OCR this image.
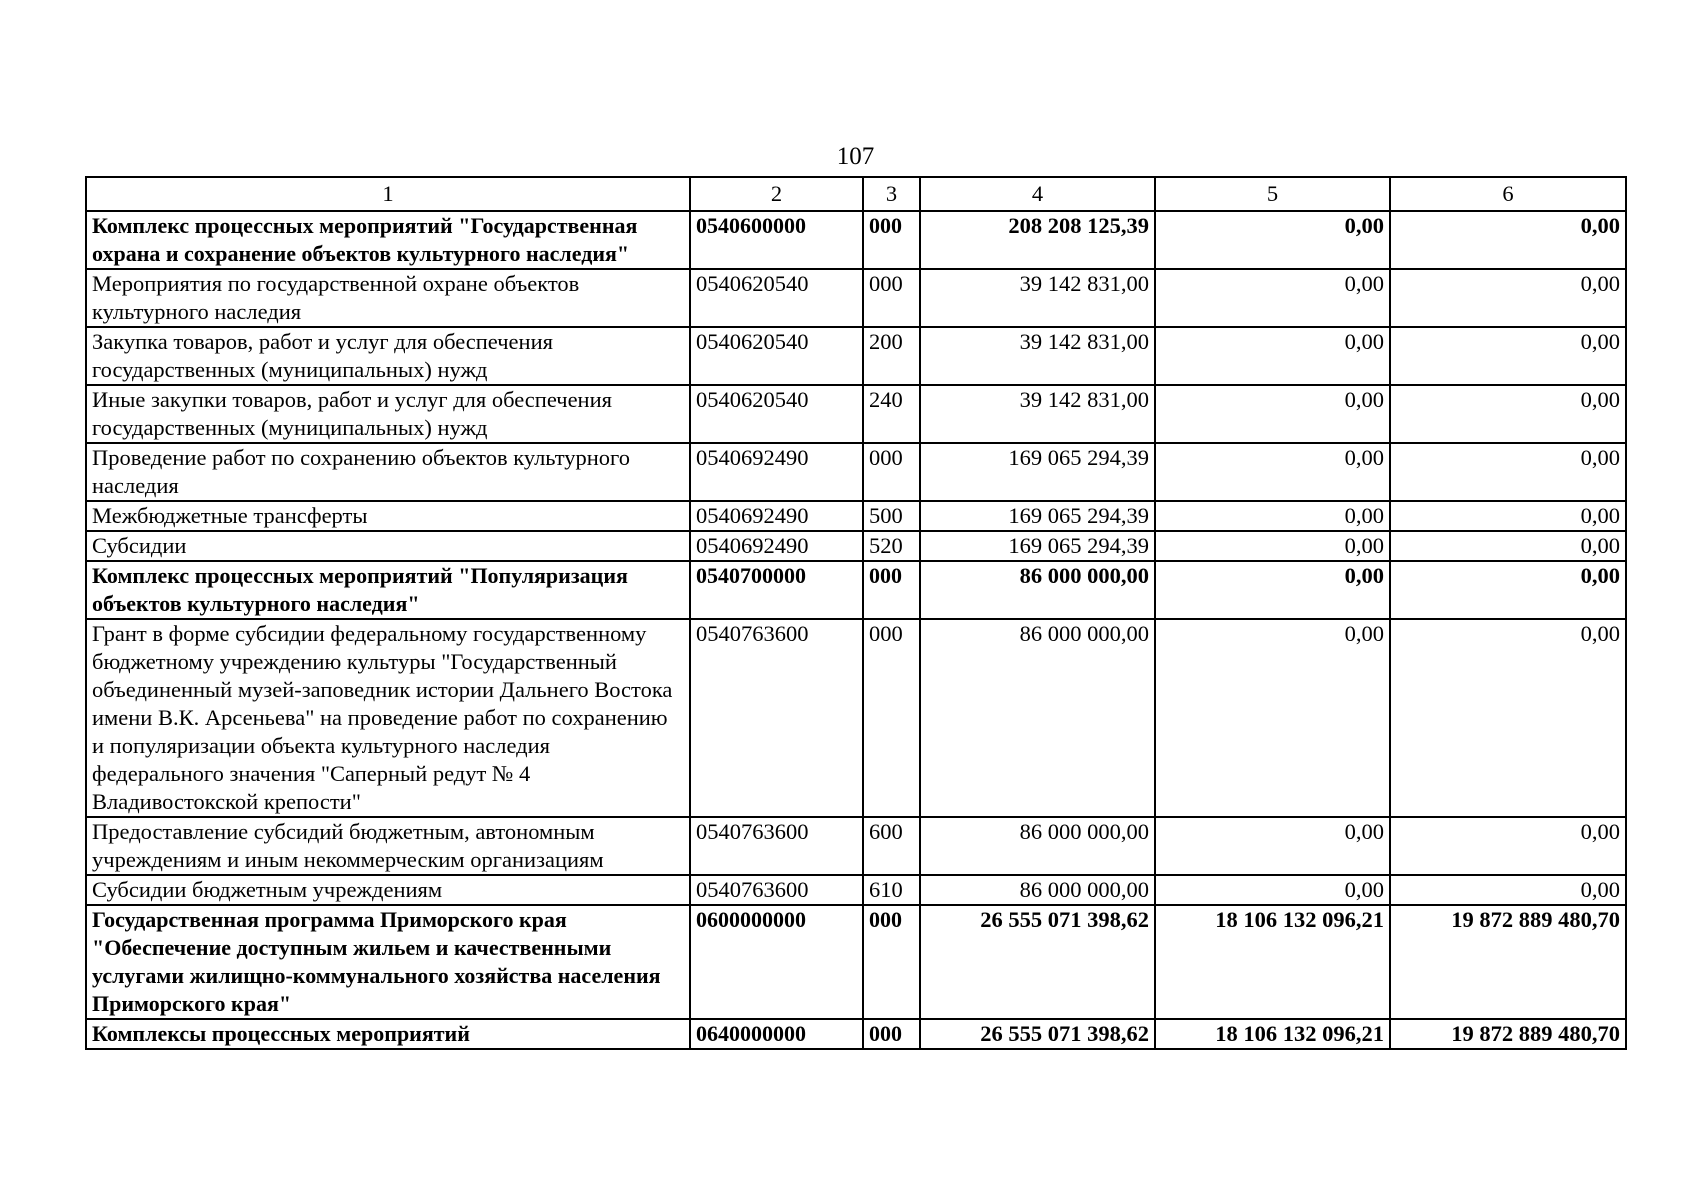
107
1	2	3	4	5	6
Комплекс процессных мероприятий "Государственная охрана и сохранение объектов культурного наследия"	0540600000	000	208 208 125,39	0,00	0,00
Мероприятия по государственной охране объектов культурного наследия	0540620540	000	39 142 831,00	0,00	0,00
Закупка товаров, работ и услуг для обеспечения государственных (муниципальных) нужд	0540620540	200	39 142 831,00	0,00	0,00
Иные закупки товаров, работ и услуг для обеспечения государственных (муниципальных) нужд	0540620540	240	39 142 831,00	0,00	0,00
Проведение работ по сохранению объектов культурного наследия	0540692490	000	169 065 294,39	0,00	0,00
Межбюджетные трансферты	0540692490	500	169 065 294,39	0,00	0,00
Субсидии	0540692490	520	169 065 294,39	0,00	0,00
Комплекс процессных мероприятий "Популяризация объектов культурного наследия"	0540700000	000	86 000 000,00	0,00	0,00
Грант в форме субсидии федеральному государственному бюджетному учреждению культуры "Государственный объединенный музей-заповедник истории Дальнего Востока имени В.К. Арсеньева" на проведение работ по сохранению и популяризации объекта культурного наследия федерального значения "Саперный редут № 4 Владивостокской крепости"	0540763600	000	86 000 000,00	0,00	0,00
Предоставление субсидий бюджетным, автономным учреждениям и иным некоммерческим организациям	0540763600	600	86 000 000,00	0,00	0,00
Субсидии бюджетным учреждениям	0540763600	610	86 000 000,00	0,00	0,00
Государственная программа Приморского края "Обеспечение доступным жильем и качественными услугами жилищно-коммунального хозяйства населения Приморского края"	0600000000	000	26 555 071 398,62	18 106 132 096,21	19 872 889 480,70
Комплексы процессных мероприятий	0640000000	000	26 555 071 398,62	18 106 132 096,21	19 872 889 480,70
